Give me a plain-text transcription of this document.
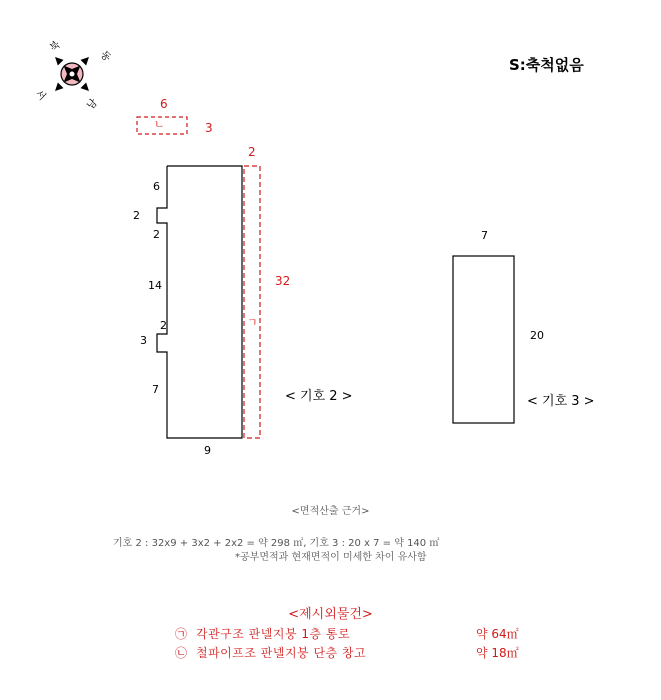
북
동
남
서
S:축척없음
6
ㄴ	3
2
32
ㄱ
6
2
2
14
2
3
7
9
< 기호 2 >
7
20
< 기호 3 >
<면적산출 근거>
기호 2 : 32x9 + 3x2 + 2x2 = 약 298 ㎡, 기호 3 : 20 x 7 = 약 140 ㎡
*공부면적과 현재면적이 미세한 차이 유사함
<제시외물건>
㉠ 각관구조 판넬지붕 1층 통로	약 64㎡
㉡ 철파이프조 판넬지붕 단층 창고	약 18㎡
